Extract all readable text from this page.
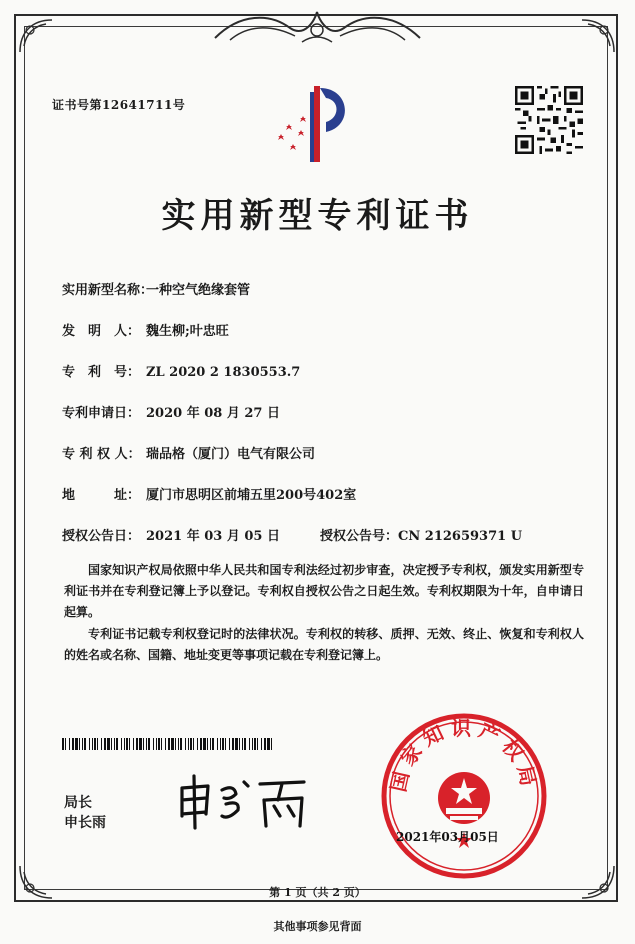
证书号第12641711号
实用新型专利证书
实用新型名称：一种空气绝缘套管
发　明　人： 魏生柳;叶忠旺
专　利　号： ZL 2020 2 1830553.7
专利申请日： 2020 年 08 月 27 日
专 利 权 人： 瑞品格（厦门）电气有限公司
地　　　址： 厦门市思明区前埔五里200号402室
授权公告日： 2021 年 03 月 05 日	授权公告号：CN 212659371 U
国家知识产权局依照中华人民共和国专利法经过初步审查，决定授予专利权，颁发实用新型专利证书并在专利登记簿上予以登记。专利权自授权公告之日起生效。专利权期限为十年，自申请日起算。
专利证书记载专利权登记时的法律状况。专利权的转移、质押、无效、终止、恢复和专利权人的姓名或名称、国籍、地址变更等事项记载在专利登记簿上。
局长
申长雨
国家知识产权局
2021年03月05日
第 1 页（共 2 页）
其他事项参见背面
